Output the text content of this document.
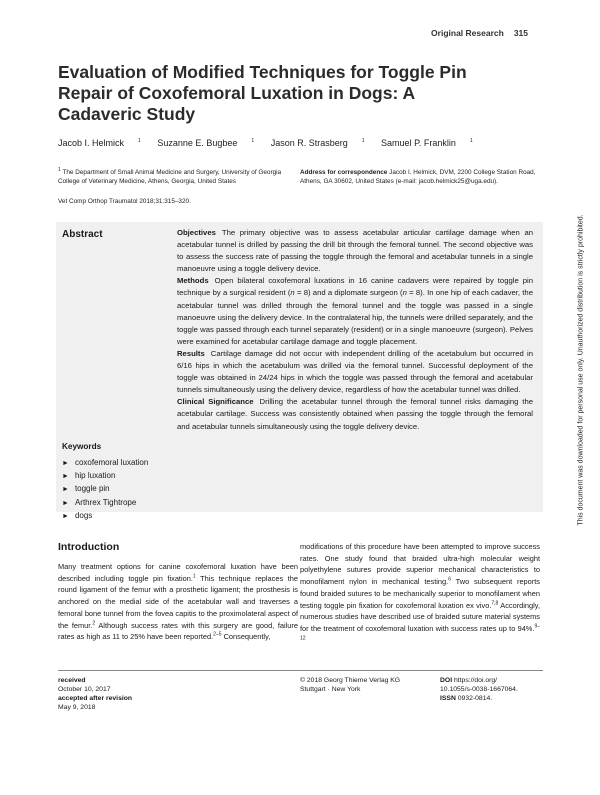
Original Research 315
Evaluation of Modified Techniques for Toggle Pin Repair of Coxofemoral Luxation in Dogs: A Cadaveric Study
Jacob I. Helmick	$^1$ Suzanne E. Bugbee	$^1$ Jason R. Strasberg	$^1$ Samuel P. Franklin	$^1$
$^1$ The Department of Small Animal Medicine and Surgery, University of Georgia College of Veterinary Medicine, Athens, Georgia, United States
Address for correspondence Jacob I. Helmick, DVM, 2200 College Station Road, Athens, GA 30602, United States (e-mail: jacob.helmick25@uga.edu).
Vet Comp Orthop Traumatol 2018;31:315–320.
Abstract	Objectives The primary objective was to assess acetabular articular cartilage damage when an acetabular tunnel is drilled by passing the drill bit through the femoral tunnel. The second objective was to assess the success rate of passing the toggle through the femoral and acetabular tunnels in a single manoeuvre using a toggle delivery device.

Methods Open bilateral coxofemoral luxations in 16 canine cadavers were repaired by toggle pin technique by a surgical resident (n = 8) and a diplomate surgeon (n = 8). In one hip of each cadaver, the acetabular tunnel was drilled through the femoral tunnel and the toggle was passed in a single manoeuvre using the delivery device. In the contralateral hip, the tunnels were drilled separately, and the toggle was passed through each tunnel separately (resident) or in a single manoeuvre (surgeon). Pelves were examined for acetabular cartilage damage and toggle placement.

Results Cartilage damage did not occur with independent drilling of the acetabulum but occurred in 6/16 hips in which the acetabulum was drilled via the femoral tunnel. Successful deployment of the toggle was obtained in 24/24 hips in which the toggle was passed through the femoral and acetabular tunnels simultaneously using the delivery device, regardless of how the acetabular tunnel was drilled.

Clinical Significance Drilling the acetabular tunnel through the femoral tunnel risks damaging the acetabular cartilage. Success was consistently obtained when passing the toggle through the femoral and acetabular tunnels simultaneously using the toggle delivery device.

Keywords
► coxofemoral luxation
► hip luxation
► toggle pin
► Arthrex Tightrope
► dogs
Introduction

Many treatment options for canine coxofemoral luxation have been described including toggle pin fixation.$^1$ This technique replaces the round ligament of the femur with a prosthetic ligament; the prosthesis is anchored on the medial side of the acetabular wall and traverses a femoral bone tunnel from the fovea capitis to the proximolateral aspect of the femur.$^2$ Although success rates with this surgery are good, failure rates as high as 11 to 25% have been reported.$^{2-5}$ Consequently,

modifications of this procedure have been attempted to improve success rates. One study found that braided ultra-high molecular weight polyethylene sutures provide superior mechanical characteristics to monofilament nylon in mechanical testing.$^6$ Two subsequent reports found braided sutures to be mechanically superior to monofilament when testing toggle pin fixation for coxofemoral luxation ex vivo.$^{7,8}$ Accordingly, numerous studies have described use of braided suture material systems for the treatment of coxofemoral luxation with success rates up to 94%.$^{9-12}$

received
October 10, 2017
accepted after revision
May 9, 2018
© 2018 Georg Thieme Verlag KG
Stuttgart · New York
DOI https://doi.org/
10.1055/s-0038-1667064.
ISSN 0932-0814.
This document was downloaded for personal use only. Unauthorized distribution is strictly prohibited.
